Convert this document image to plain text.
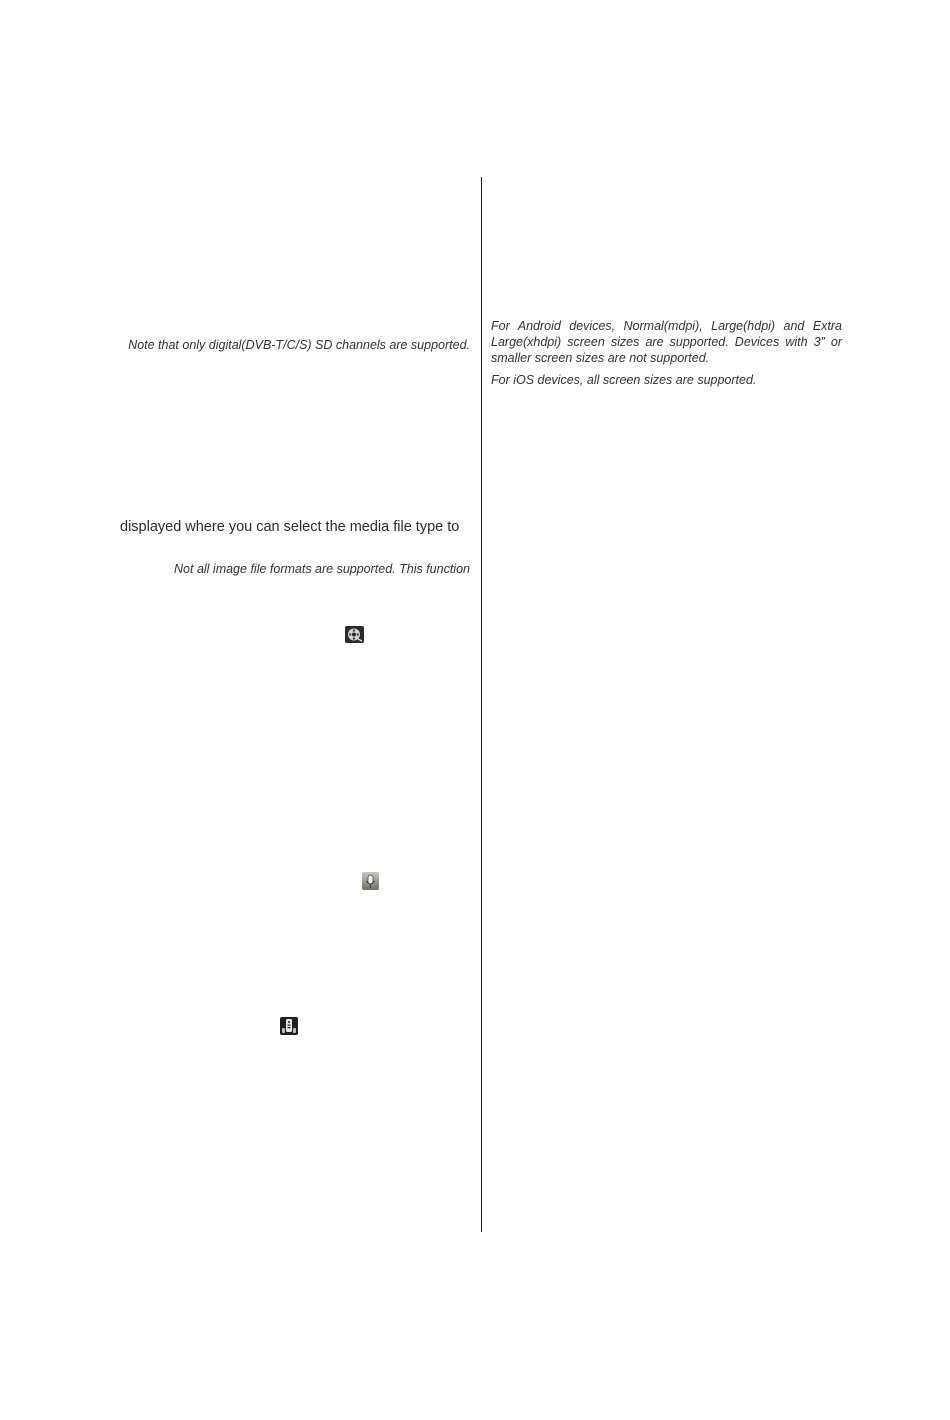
Note that only digital(DVB-T/C/S) SD channels are supported.

displayed where you can select the media file type to

Not all image file formats are supported. This function

For Android devices, Normal(mdpi), Large(hdpi) and Extra Large(xhdpi) screen sizes are supported. Devices with 3” or smaller screen sizes are not supported.

For iOS devices, all screen sizes are supported.
